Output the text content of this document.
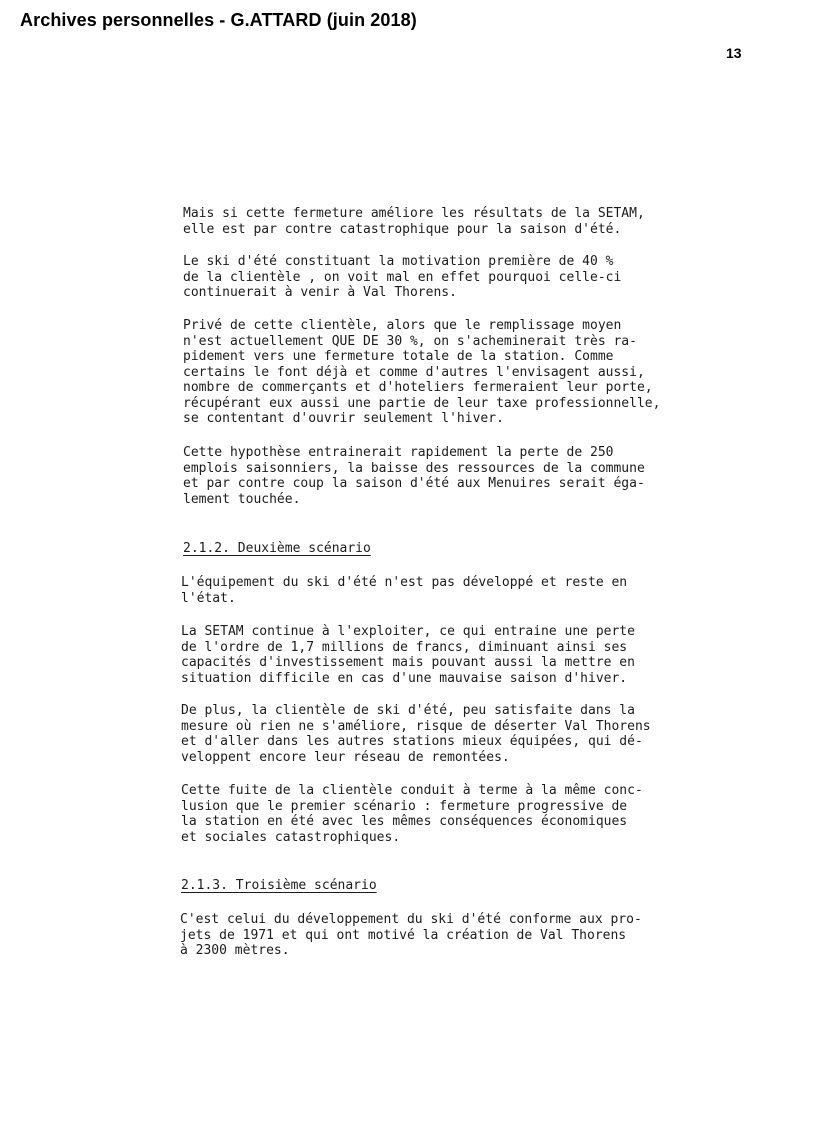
Archives personnelles - G.ATTARD (juin 2018)
13

Mais si cette fermeture améliore les résultats de la SETAM,
elle est par contre catastrophique pour la saison d'été.

Le ski d'été constituant la motivation première de 40 %
de la clientèle , on voit mal en effet pourquoi celle-ci
continuerait à venir à Val Thorens.

Privé de cette clientèle, alors que le remplissage moyen
n'est actuellement QUE DE 30 %, on s'acheminerait très ra-
pidement vers une fermeture totale de la station. Comme
certains le font déjà et comme d'autres l'envisagent aussi,
nombre de commerçants et d'hoteliers fermeraient leur porte,
récupérant eux aussi une partie de leur taxe professionnelle,
se contentant d'ouvrir seulement l'hiver.

Cette hypothèse entrainerait rapidement la perte de 250
emplois saisonniers, la baisse des ressources de la commune
et par contre coup la saison d'été aux Menuires serait éga-
lement touchée.

2.1.2. Deuxième scénario

L'équipement du ski d'été n'est pas développé et reste en
l'état.

La SETAM continue à l'exploiter, ce qui entraine une perte
de l'ordre de 1,7 millions de francs, diminuant ainsi ses
capacités d'investissement mais pouvant aussi la mettre en
situation difficile en cas d'une mauvaise saison d'hiver.

De plus, la clientèle de ski d'été, peu satisfaite dans la
mesure où rien ne s'améliore, risque de déserter Val Thorens
et d'aller dans les autres stations mieux équipées, qui dé-
veloppent encore leur réseau de remontées.

Cette fuite de la clientèle conduit à terme à la même conc-
lusion que le premier scénario : fermeture progressive de
la station en été avec les mêmes conséquences économiques
et sociales catastrophiques.

2.1.3. Troisième scénario

C'est celui du développement du ski d'été conforme aux pro-
jets de 1971 et qui ont motivé la création de Val Thorens
à 2300 mètres.
